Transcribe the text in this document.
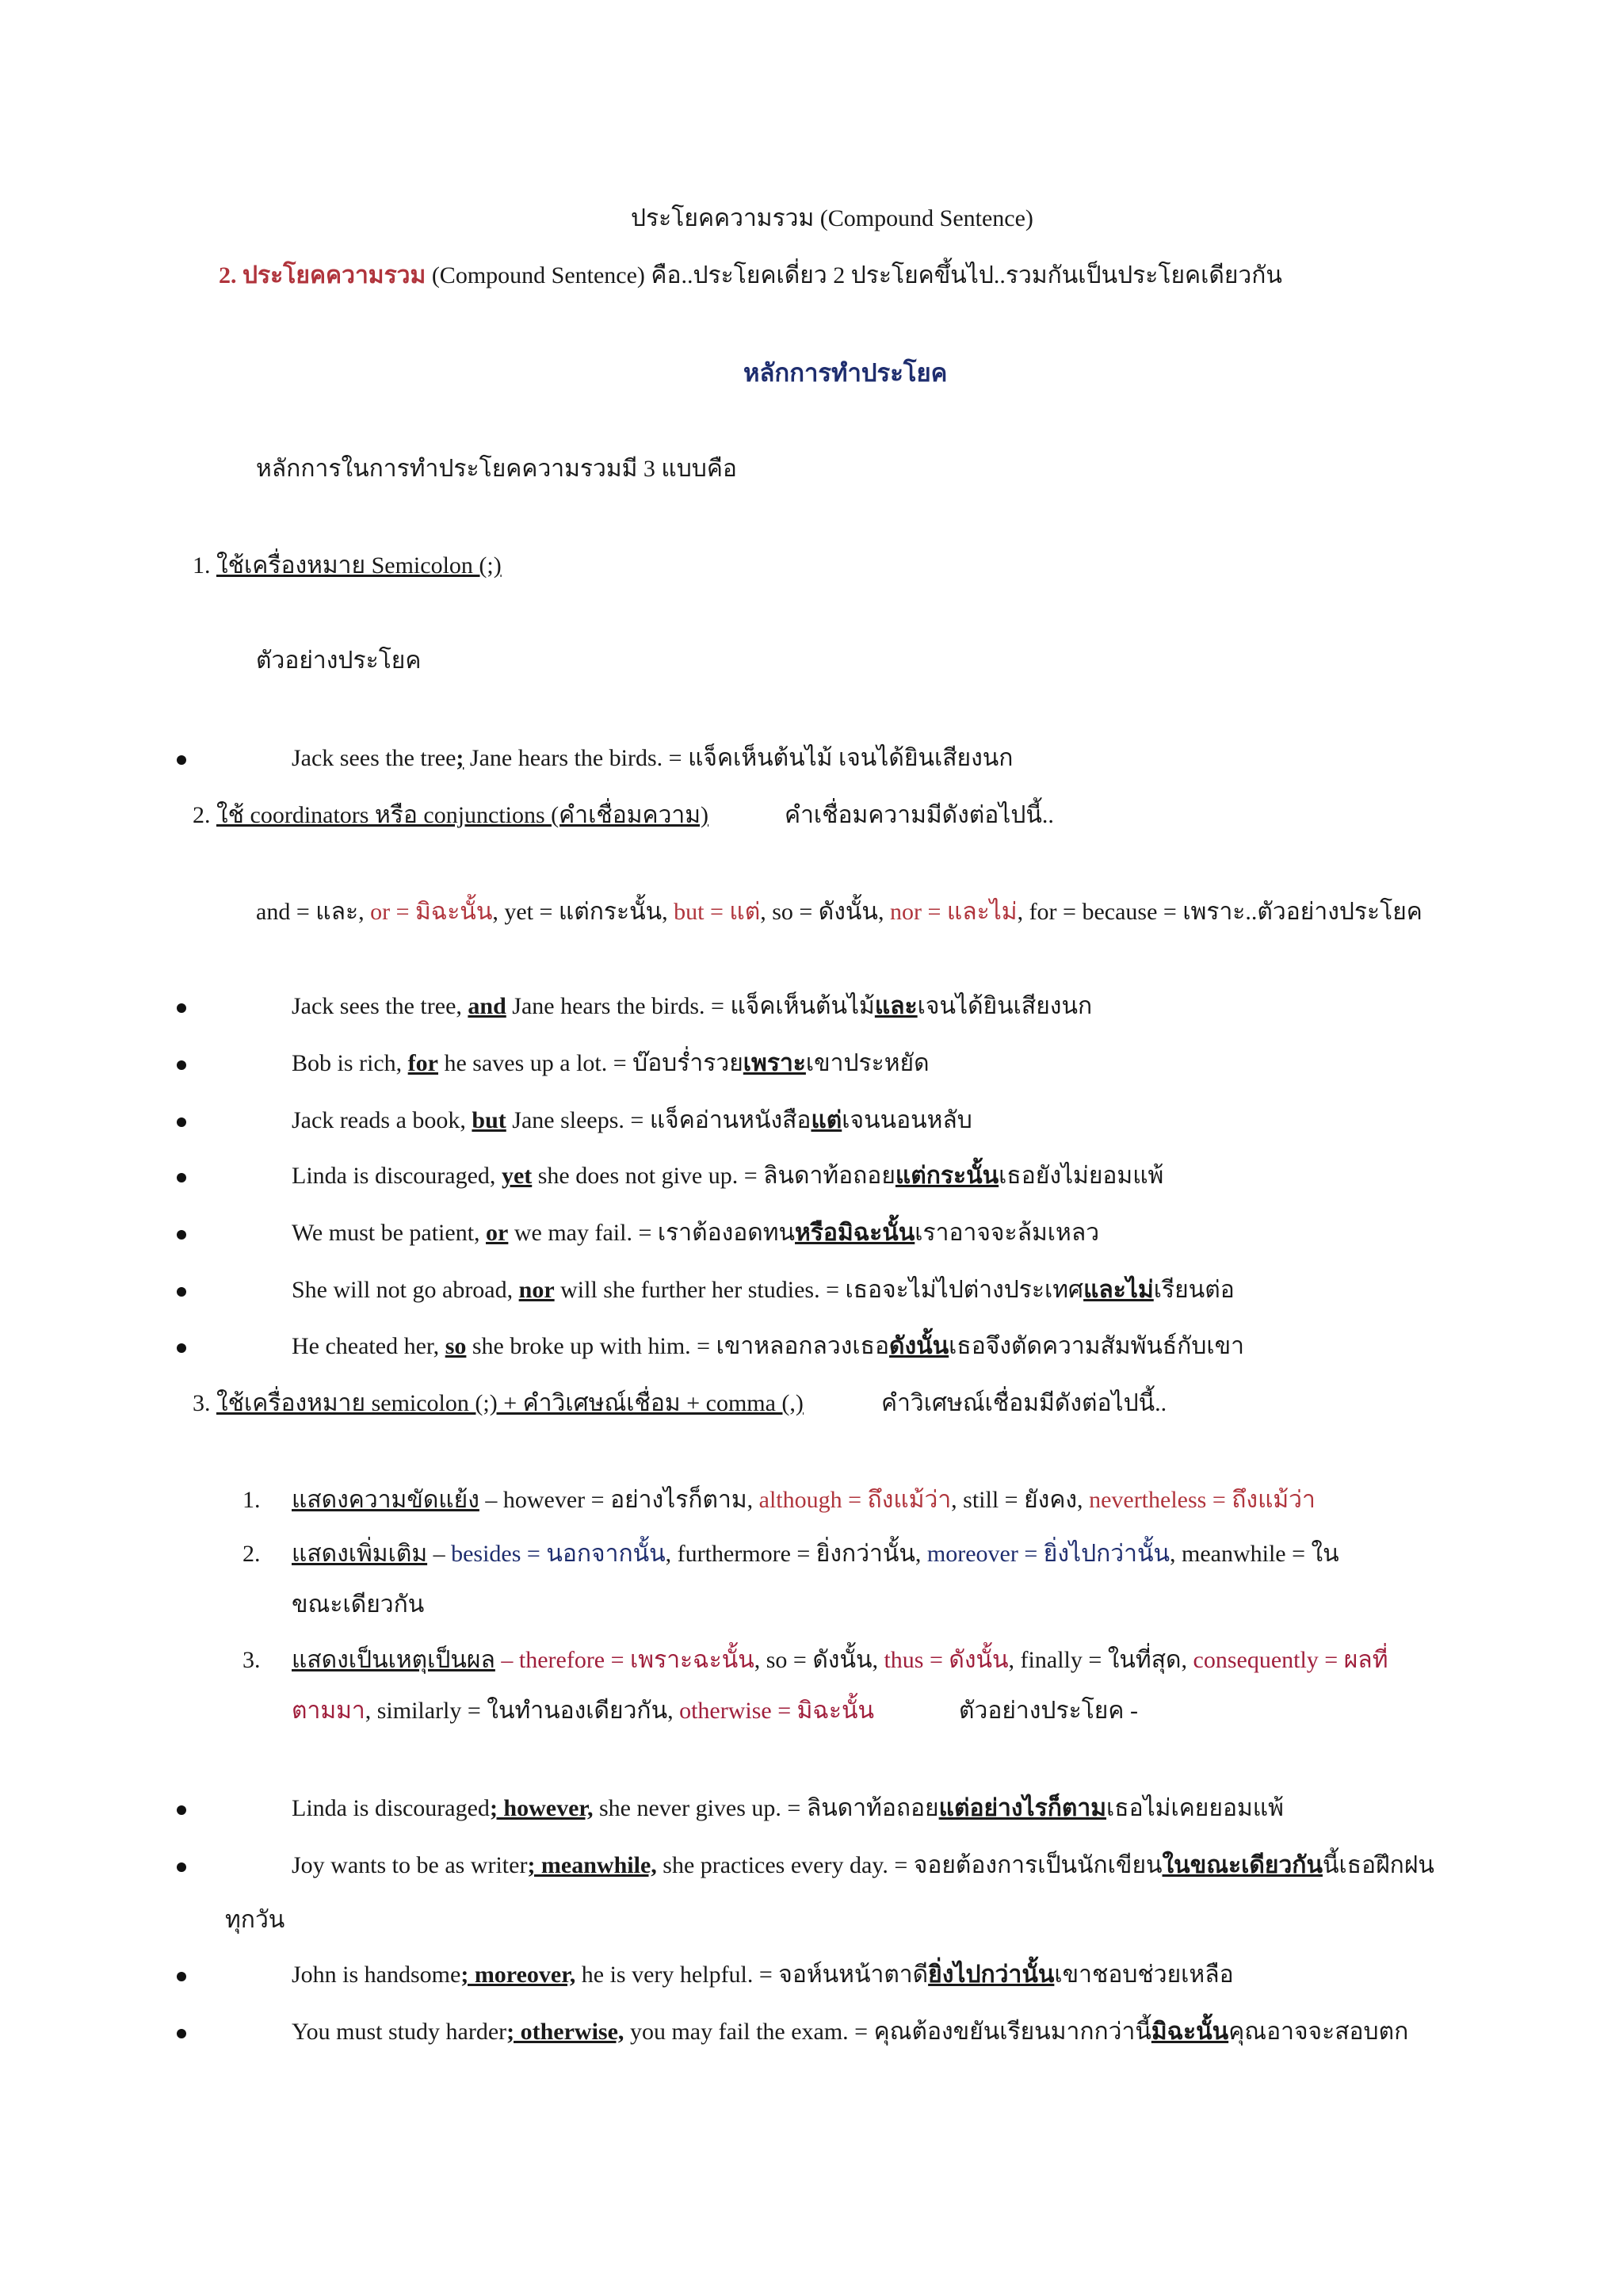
ประโยคความรวม (Compound Sentence)
2. ประโยคความรวม (Compound Sentence) คือ..ประโยคเดี่ยว 2 ประโยคขึ้นไป..รวมกันเป็นประโยคเดียวกัน
หลักการทำประโยค
หลักการในการทำประโยคความรวมมี 3 แบบคือ
1. ใช้เครื่องหมาย Semicolon (;)
ตัวอย่างประโยค
Jack sees the tree; Jane hears the birds. = แจ็คเห็นต้นไม้ เจนได้ยินเสียงนก
2. ใช้ coordinators หรือ conjunctions (คำเชื่อมความ)	คำเชื่อมความมีดังต่อไปนี้..
and = และ, or = มิฉะนั้น, yet = แต่กระนั้น, but = แต่, so = ดังนั้น, nor = และไม่, for = because = เพราะ..ตัวอย่างประโยค
Jack sees the tree, and Jane hears the birds. = แจ็คเห็นต้นไม้และเจนได้ยินเสียงนก
Bob is rich, for he saves up a lot. = บ๊อบร่ำรวยเพราะเขาประหยัด
Jack reads a book, but Jane sleeps. = แจ็คอ่านหนังสือแต่เจนนอนหลับ
Linda is discouraged, yet she does not give up. = ลินดาท้อถอยแต่กระนั้นเธอยังไม่ยอมแพ้
We must be patient, or we may fail. = เราต้องอดทนหรือมิฉะนั้นเราอาจจะล้มเหลว
She will not go abroad, nor will she further her studies. = เธอจะไม่ไปต่างประเทศและไม่เรียนต่อ
He cheated her, so she broke up with him. = เขาหลอกลวงเธอดังนั้นเธอจึงตัดความสัมพันธ์กับเขา
3. ใช้เครื่องหมาย semicolon (;) + คำวิเศษณ์เชื่อม + comma (,)	คำวิเศษณ์เชื่อมมีดังต่อไปนี้..
1. แสดงความขัดแย้ง – however = อย่างไรก็ตาม, although = ถึงแม้ว่า, still = ยังคง, nevertheless = ถึงแม้ว่า
2. แสดงเพิ่มเติม – besides = นอกจากนั้น, furthermore = ยิ่งกว่านั้น, moreover = ยิ่งไปกว่านั้น, meanwhile = ใน
ขณะเดียวกัน
3. แสดงเป็นเหตุเป็นผล – therefore = เพราะฉะนั้น, so = ดังนั้น, thus = ดังนั้น, finally = ในที่สุด, consequently = ผลที่
ตามมา, similarly = ในทำนองเดียวกัน, otherwise = มิฉะนั้น	ตัวอย่างประโยค -
Linda is discouraged; however, she never gives up. = ลินดาท้อถอยแต่อย่างไรก็ตามเธอไม่เคยยอมแพ้
Joy wants to be as writer; meanwhile, she practices every day. = จอยต้องการเป็นนักเขียนในขณะเดียวกันนี้เธอฝึกฝน
ทุกวัน
John is handsome; moreover, he is very helpful. = จอห์นหน้าตาดียิ่งไปกว่านั้นเขาชอบช่วยเหลือ
You must study harder; otherwise, you may fail the exam. = คุณต้องขยันเรียนมากกว่านี้มิฉะนั้นคุณอาจจะสอบตก
